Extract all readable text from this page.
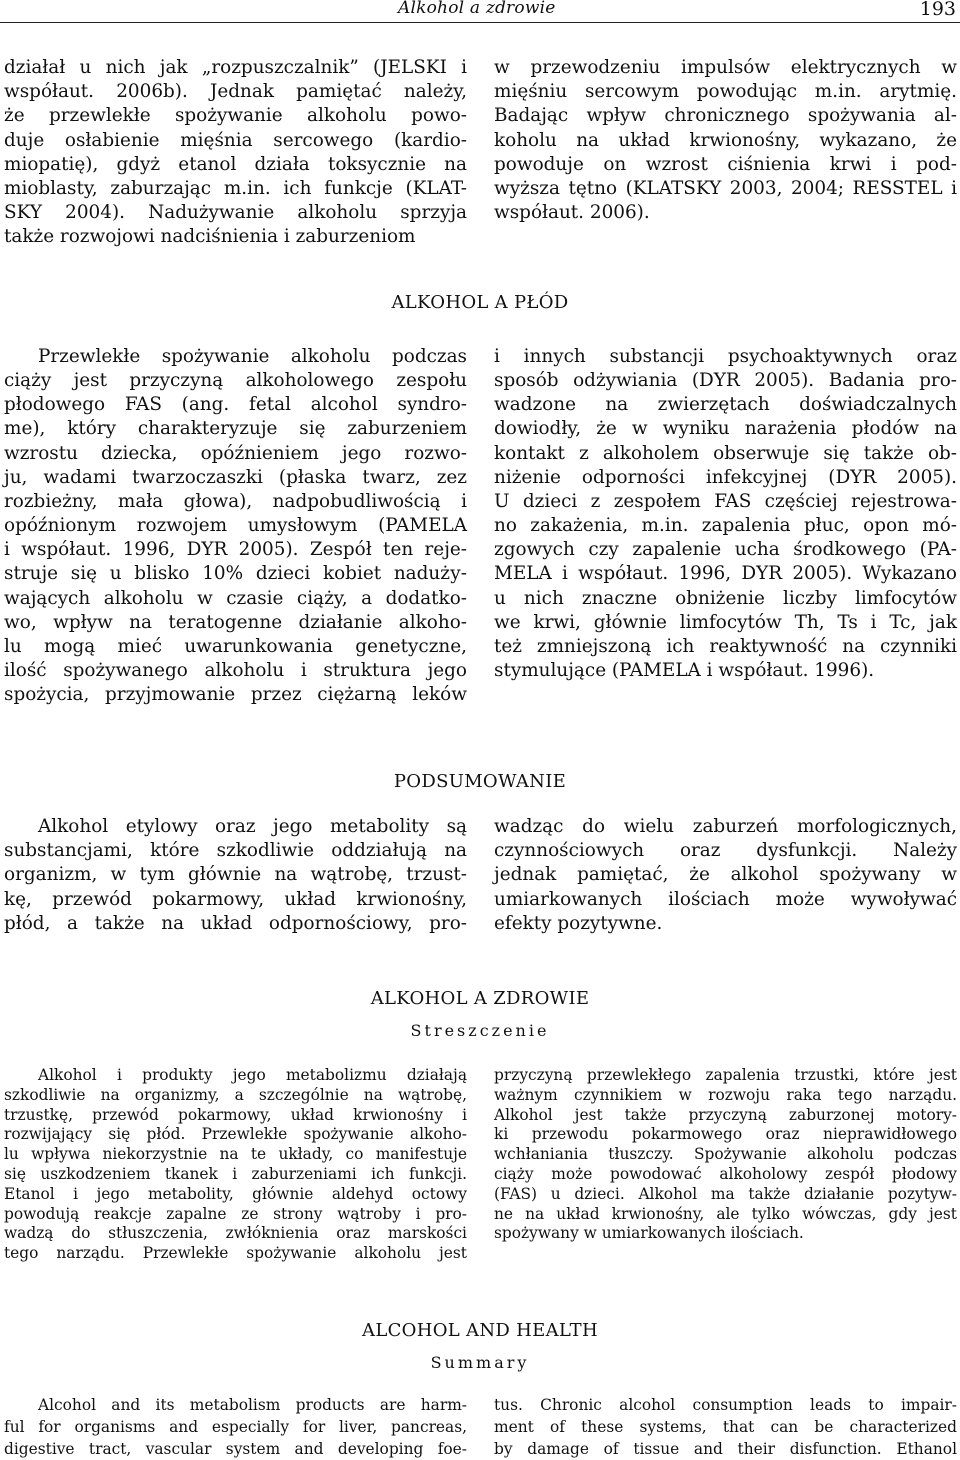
Alkohol a zdrowie	193
działał u nich jak „rozpuszczalnik” (JELSKI i
współaut. 2006b). Jednak pamiętać należy,
że przewlekłe spożywanie alkoholu powo-
duje osłabienie mięśnia sercowego (kardio-
miopatię), gdyż etanol działa toksycznie na
mioblasty, zaburzając m.in. ich funkcje (KLAT-
SKY 2004). Nadużywanie alkoholu sprzyja
także rozwojowi nadciśnienia i zaburzeniom
w przewodzeniu impulsów elektrycznych w
mięśniu sercowym powodując m.in. arytmię.
Badając wpływ chronicznego spożywania al-
koholu na układ krwionośny, wykazano, że
powoduje on wzrost ciśnienia krwi i pod-
wyższa tętno (KLATSKY 2003, 2004; RESSTEL i
współaut. 2006).
ALKOHOL A PŁÓD
Przewlekłe spożywanie alkoholu podczas
ciąży jest przyczyną alkoholowego zespołu
płodowego FAS (ang. fetal alcohol syndro-
me), który charakteryzuje się zaburzeniem
wzrostu dziecka, opóźnieniem jego rozwo-
ju, wadami twarzoczaszki (płaska twarz, zez
rozbieżny, mała głowa), nadpobudliwością i
opóźnionym rozwojem umysłowym (PAMELA
i współaut. 1996, DYR 2005). Zespół ten reje-
struje się u blisko 10% dzieci kobiet nadużу-
wających alkoholu w czasie ciąży, a dodatko-
wo, wpływ na teratogenne działanie alkoho-
lu mogą mieć uwarunkowania genetyczne,
ilość spożywanego alkoholu i struktura jego
spożycia, przyjmowanie przez ciężarną leków
i innych substancji psychoaktywnych oraz
sposób odżywiania (DYR 2005). Badania pro-
wadzone na zwierzętach doświadczalnych
dowiodły, że w wyniku narażenia płodów na
kontakt z alkoholem obserwuje się także ob-
niżenie odporności infekcyjnej (DYR 2005).
U dzieci z zespołem FAS częściej rejestrowa-
no zakażenia, m.in. zapalenia płuc, opon mó-
zgowych czy zapalenie ucha środkowego (PA-
MELA i współaut. 1996, DYR 2005). Wykazano
u nich znaczne obniżenie liczby limfocytów
we krwi, głównie limfocytów Th, Ts i Tc, jak
też zmniejszoną ich reaktywność na czynniki
stymulujące (PAMELA i współaut. 1996).
PODSUMOWANIE
Alkohol etylowy oraz jego metabolity są
substancjami, które szkodliwie oddziałują na
organizm, w tym głównie na wątrobę, trzust-
kę, przewód pokarmowy, układ krwionośny,
płód, a także na układ odpornościowy, pro-
wadząc do wielu zaburzeń morfologicznych,
czynnościowych oraz dysfunkcji. Należy
jednak pamiętać, że alkohol spożywany w
umiarkowanych ilościach może wywoływać
efekty pozytywne.
ALKOHOL A ZDROWIE
Streszczenie
Alkohol i produkty jego metabolizmu działają
szkodliwie na organizmy, a szczególnie na wątrobę,
trzustkę, przewód pokarmowy, układ krwionośny i
rozwijający się płód. Przewlekłe spożywanie alkoho-
lu wpływa niekorzystnie na te układy, co manifestuje
się uszkodzeniem tkanek i zaburzeniami ich funkcji.
Etanol i jego metabolity, głównie aldehyd octowy
powodują reakcje zapalne ze strony wątroby i pro-
wadzą do stłuszczenia, zwłóknienia oraz marskości
tego narządu. Przewlekłe spożywanie alkoholu jest
przyczyną przewlekłego zapalenia trzustki, które jest
ważnym czynnikiem w rozwoju raka tego narządu.
Alkohol jest także przyczyną zaburzonej motory-
ki przewodu pokarmowego oraz nieprawidłowego
wchłaniania tłuszczy. Spożywanie alkoholu podczas
ciąży może powodować alkoholowy zespół płodowy
(FAS) u dzieci. Alkohol ma także działanie pozytyw-
ne na układ krwionośny, ale tylko wówczas, gdy jest
spożywany w umiarkowanych ilościach.
ALCOHOL AND HEALTH
Summary
Alcohol and its metabolism products are harm-
ful for organisms and especially for liver, pancreas,
digestive tract, vascular system and developing foe-
tus. Chronic alcohol consumption leads to impair-
ment of these systems, that can be characterized
by damage of tissue and their disfunction. Ethanol
